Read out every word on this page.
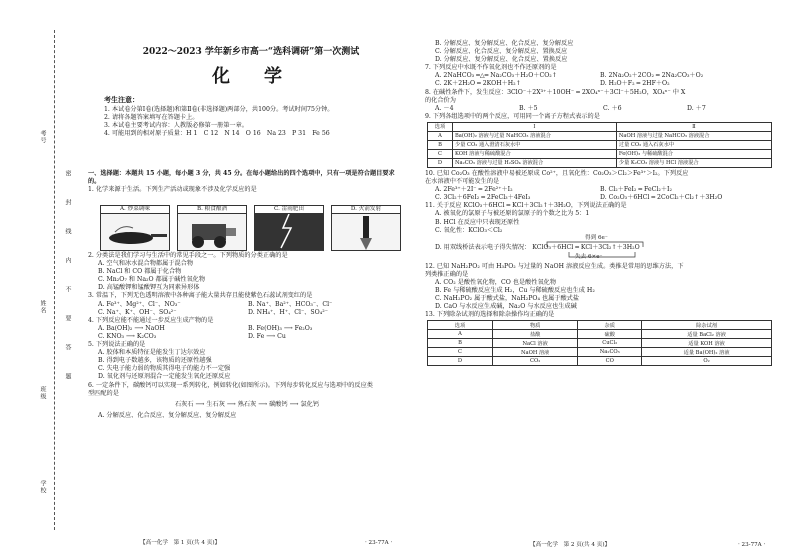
考号
姓名
班级
学校
密
封
线
内
不
要
答
题
2022～2023 学年新乡市高一“选科调研”第一次测试
化　学
考生注意：
1. 本试卷分第Ⅰ卷(选择题)和第Ⅱ卷(非选择题)两部分，共100分。考试时间75分钟。
2. 请将各题答案填写在答题卡上。
3. 本试卷主要考试内容：人教版必修第一册第一章。
4. 可能用到的相对原子质量：H 1　C 12　N 14　O 16　Na 23　P 31　Fe 56
一、选择题：本题共 15 小题，每小题 3 分，共 45 分。在每小题给出的四个选项中，只有一项是符合题目要求的。
1. 化学来源于生活。下列生产活动或现象不涉及化学反应的是
A. 炒菜调味	B. 粮食酿酒	C. 雷雨肥田	D. 火箭发射
2. 分类法是我们学习与生活中的常见手段之一。下列物质的分类正确的是
A. 空气和冰水混合物都属于混合物
B. NaCl 和 CO 都属于化合物
C. Mn₂O₇ 和 Na₂O 都属于碱性氧化物
D. 高锰酸钾和锰酸钾互为同素异形体
3. 常温下，下列无色透明溶液中各种离子能大量共存且能使紫色石蕊试剂变红的是
A. Fe³⁺、Mg²⁺、Cl⁻、NO₃⁻	B. Na⁺、Ba²⁺、HCO₃⁻、Cl⁻
C. Na⁺、K⁺、OH⁻、SO₄²⁻	D. NH₄⁺、H⁺、Cl⁻、SO₄²⁻
4. 下列反应能不能通过一步反应生成产物的是
A. Ba(OH)₂ ⟶ NaOH	B. Fe(OH)₃ ⟶ Fe₂O₃
C. KNO₃ ⟶ K₂CO₃	D. Fe ⟶ Cu
5. 下列说法正确的是
A. 胶体和本质特征是能发生丁达尔效应
B. 得到电子数越多，该物质的还原性越强
C. 失电子能力弱的物质其得电子的能力不一定强
D. 氧化剂与还原剂混合一定能发生氧化还原反应
6. 一定条件下，碳酸钙可以实现一系列转化，例如转化(如图所示)。下列每步转化反应与选项中的反应类
型匹配的是
石灰石 ⟶ 生石灰 ⟶ 熟石灰 ⟶ 碳酸钙 ⟶ 氯化钙
A. 分解反应、化合反应、复分解反应、复分解反应
【高一化学　第 1 页(共 4 页)】	· 23-77A ·
B. 分解反应、复分解反应、化合反应、复分解反应
C. 分解反应、化合反应、复分解反应、置换反应
D. 分解反应、复分解反应、化合反应、置换反应
7. 下列反应中水既不作氧化剂也不作还原剂的是
A. 2NaHCO₃ ═△═ Na₂CO₃＋H₂O＋CO₂↑	B. 2Na₂O₂＋2CO₂ ═ 2Na₂CO₃＋O₂
C. 2K＋2H₂O ═ 2KOH＋H₂↑	D. H₂O＋F₂ ═ 2HF＋O₂
8. 在碱性条件下，发生反应：3ClO⁻＋2X³⁺＋10OH⁻ ═ 2XO₄ⁿ⁻＋3Cl⁻＋5H₂O，XO₄ⁿ⁻ 中 X
的化合价为
A. －4	B. ＋5	C. ＋6	D. ＋7
9. 下列各组选项中的两个反应，可用同一个离子方程式表示的是
选项	Ⅰ	Ⅱ
A	Ba(OH)₂ 溶液与过量 NaHCO₃ 溶液混合	NaOH 溶液与过量 NaHCO₃ 溶液混合
B	少量 CO₂ 通入澄清石灰水中	过量 CO₂ 通入石灰水中
C	KOH 溶液与稀硫酸混合	Fe(OH)₃ 与稀硫酸混合
D	Na₂CO₃ 溶液与过量 H₂SO₄ 溶液混合	少量 K₂CO₃ 溶液与 HCl 溶液混合
10. 已知 Co₂O₃ 在酸性溶液中易被还原成 Co²⁺，且氧化性：Co₂O₃＞Cl₂＞Fe³⁺＞I₂。下列反应
在水溶液中不可能发生的是
A. 2Fe³⁺＋2I⁻ ═ 2Fe²⁺＋I₂	B. Cl₂＋FeI₂ ═ FeCl₂＋I₂
C. 3Cl₂＋6FeI₂ ═ 2FeCl₃＋4FeI₃	D. Co₂O₃＋6HCl ═ 2CoCl₂＋Cl₂↑＋3H₂O
11. 关于反应 KClO₃＋6HCl ═ KCl＋3Cl₂↑＋3H₂O，下列说法正确的是
A. 被氧化的氯原子与被还原的氯原子的个数之比为 5：1
B. HCl 在反应中只表现还原性
C. 氧化性：KClO₃＜Cl₂
得到 6e⁻
D. 用双线桥法表示电子得失情况： KClO₃＋6HCl ═ KCl＋3Cl₂↑＋3H₂O
失去 6×e⁻
12. 已知 NaH₂PO₂ 可由 H₃PO₂ 与过量的 NaOH 溶液反应生成。类推是常用的思维方法，下
列类推正确的是
A. CO₂ 是酸性氧化物，CO 也是酸性氧化物
B. Fe 与稀硫酸反应生成 H₂，Cu 与稀硫酸反应也生成 H₂
C. NaH₂PO₂ 属于酸式盐，NaH₂PO₄ 也属于酸式盐
D. CaO 与水反应生成碱，Na₂O 与水反应也生成碱
13. 下列除杂试剂的选择和除杂操作均正确的是
选项	物质	杂质	除杂试剂
A	盐酸	硫酸	适量 BaCl₂ 溶液
B	NaCl 溶液	CuCl₂	适量 KOH 溶液
C	NaOH 溶液	Na₂CO₃	适量 Ba(OH)₂ 溶液
D	CO₂	CO	O₂
【高一化学　第 2 页(共 4 页)】	· 23-77A ·
